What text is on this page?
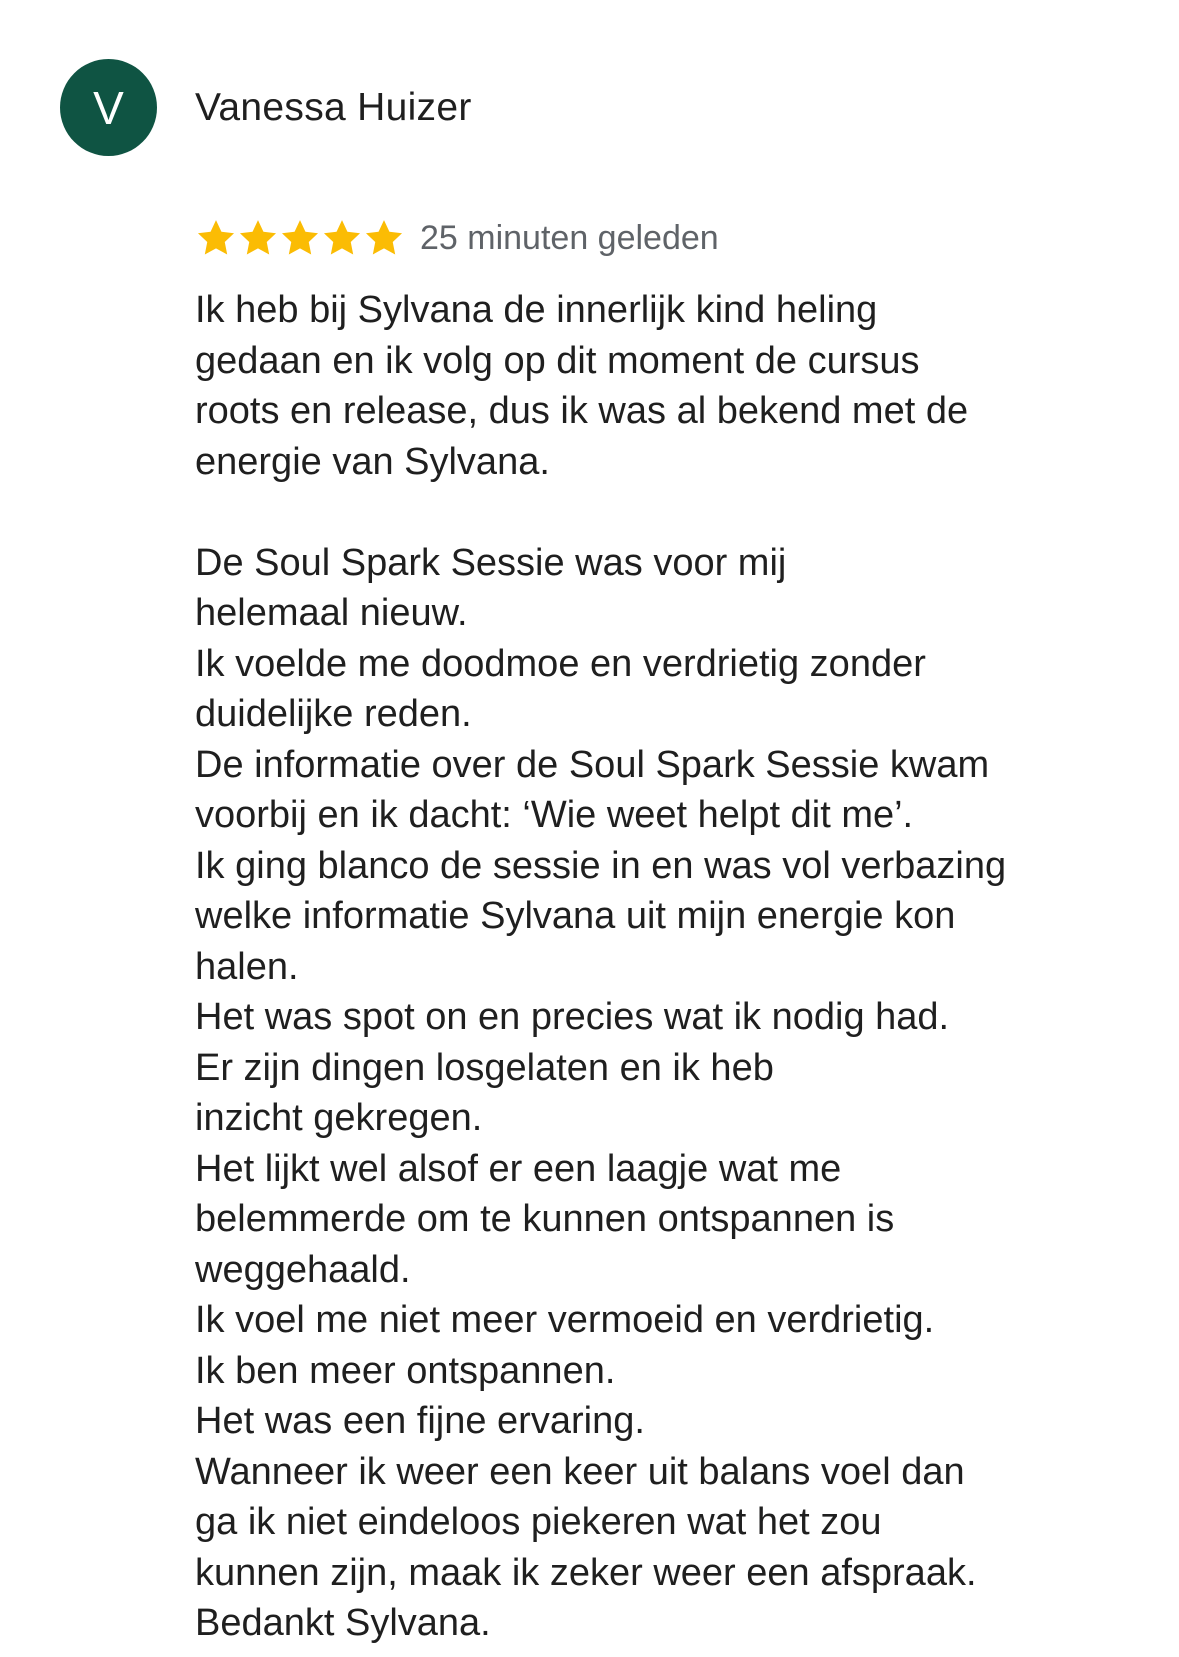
V	Vanessa Huizer
25 minuten geleden
Ik heb bij Sylvana de innerlijk kind heling
gedaan en ik volg op dit moment de cursus
roots en release, dus ik was al bekend met de
energie van Sylvana.
De Soul Spark Sessie was voor mij
helemaal nieuw.
Ik voelde me doodmoe en verdrietig zonder
duidelijke reden.
De informatie over de Soul Spark Sessie kwam
voorbij en ik dacht: ‘Wie weet helpt dit me’.
Ik ging blanco de sessie in en was vol verbazing
welke informatie Sylvana uit mijn energie kon
halen.
Het was spot on en precies wat ik nodig had.
Er zijn dingen losgelaten en ik heb
inzicht gekregen.
Het lijkt wel alsof er een laagje wat me
belemmerde om te kunnen ontspannen is
weggehaald.
Ik voel me niet meer vermoeid en verdrietig.
Ik ben meer ontspannen.
Het was een fijne ervaring.
Wanneer ik weer een keer uit balans voel dan
ga ik niet eindeloos piekeren wat het zou
kunnen zijn, maak ik zeker weer een afspraak.
Bedankt Sylvana.
